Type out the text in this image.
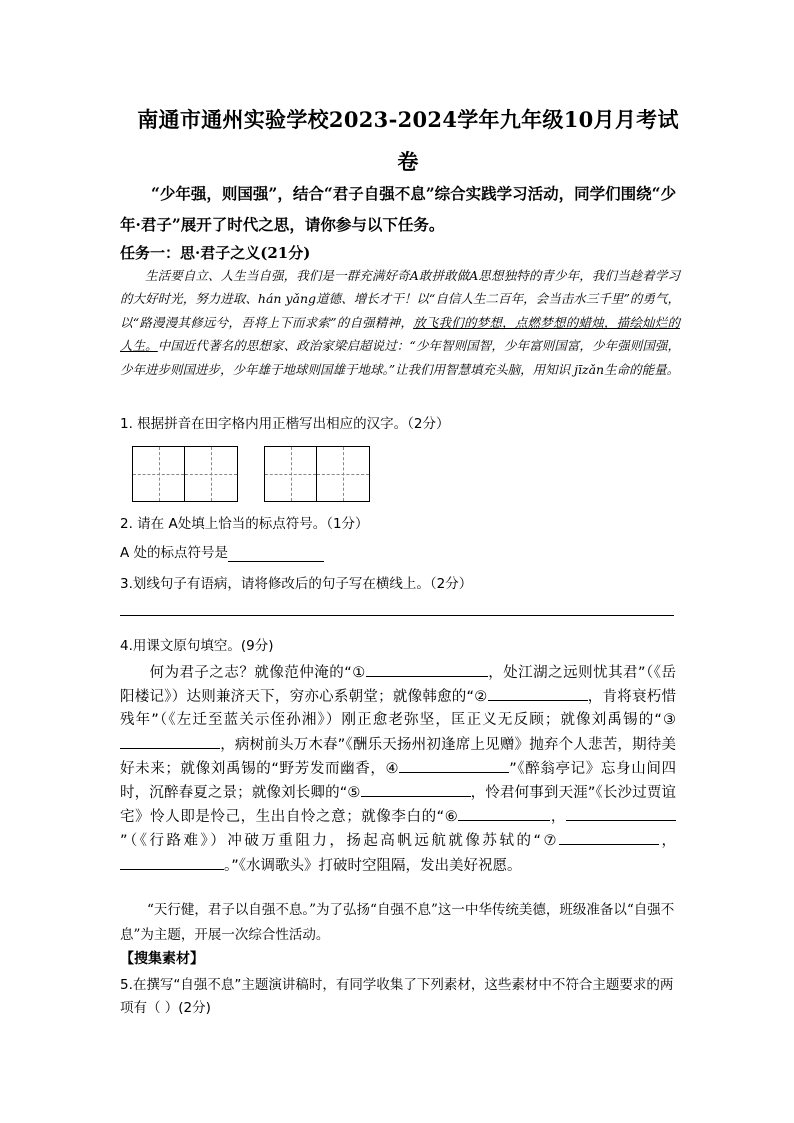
南通市通州实验学校2023-2024学年九年级10月月考试
卷
“少年强，则国强”，结合“君子自强不息”综合实践学习活动，同学们围绕“少年·君子”展开了时代之思，请你参与以下任务。
任务一：思·君子之义(21分)
生活要自立、人生当自强，我们是一群充满好奇A敢拼敢做A思想独特的青少年，我们当趁着学习的大好时光，努力进取、hán yǎng道德、增长才干！以“自信人生二百年，会当击水三千里”的勇气，以“路漫漫其修远兮，吾将上下而求索”的自强精神，放飞我们的梦想，点燃梦想的蜡烛，描绘灿烂的人生。中国近代著名的思想家、政治家梁启超说过：“少年智则国智，少年富则国富，少年强则国强，少年进步则国进步，少年雄于地球则国雄于地球。”让我们用智慧填充头脑，用知识 jīzǎn生命的能量。
1. 根据拼音在田字格内用正楷写出相应的汉字。（2分）
2. 请在 A处填上恰当的标点符号。（1分）
A 处的标点符号是
3.划线句子有语病，请将修改后的句子写在横线上。（2分）
4.用课文原句填空。(9分)
何为君子之志？就像范仲淹的“①	，处江湖之远则忧其君”（《岳阳楼记》）达则兼济天下，穷亦心系朝堂；就像韩愈的“②	，肯将衰朽惜残年”（《左迁至蓝关示侄孙湘》）刚正愈老弥坚，匡正义无反顾；就像刘禹锡的“③，病树前头万木春”《酬乐天扬州初逢席上见赠》抛弃个人悲苦，期待美好未来；就像刘禹锡的“野芳发而幽香，④	”《醉翁亭记》忘身山间四时，沉醉春夏之景；就像刘长卿的“⑤	，怜君何事到天涯”《长沙过贾谊宅》怜人即是怜己，生出自怜之意；就像李白的“⑥	，”（《行路难》）冲破万重阻力，扬起高帆远航就像苏轼的“⑦	，。”《水调歌头》打破时空阻隔，发出美好祝愿。
“天行健，君子以自强不息。”为了弘扬“自强不息”这一中华传统美德，班级准备以“自强不息”为主题，开展一次综合性活动。
【搜集素材】
5.在撰写“自强不息”主题演讲稿时，有同学收集了下列素材，这些素材中不符合主题要求的两项有（ ）(2分)
